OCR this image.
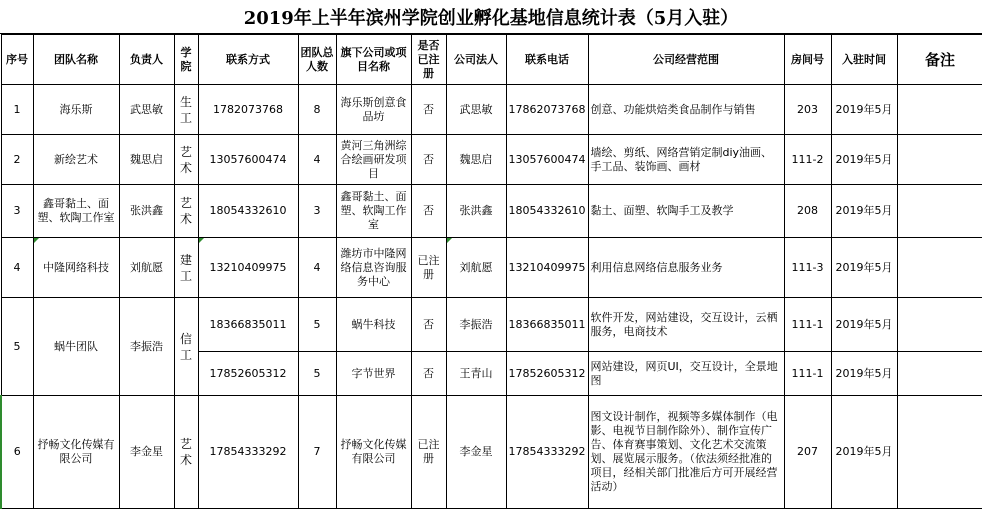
2019年上半年滨州学院创业孵化基地信息统计表（5月入驻）
序号	团队名称	负责人	学院	联系方式	团队总人数	旗下公司或项目名称	是否已注册	公司法人	联系电话	公司经营范围	房间号	入驻时间	备注
1	海乐斯	武思敏	生工	1782073768	8	海乐斯创意食品坊	否	武思敏	17862073768	创意、功能烘焙类食品制作与销售	203	2019年5月	
2	新绘艺术	魏思启	艺术	13057600474	4	黄河三角洲综合绘画研发项目	否	魏思启	13057600474	墙绘、剪纸、网络营销定制diy油画、手工品、装饰画、画材	111-2	2019年5月	
3	鑫哥黏土、面塑、软陶工作室	张洪鑫	艺术	18054332610	3	鑫哥黏土、面塑、软陶工作室	否	张洪鑫	18054332610	黏土、面塑、软陶手工及教学	208	2019年5月	
4	中隆网络科技	刘航愿	建工	13210409975	4	潍坊市中隆网络信息咨询服务中心	已注册	刘航愿	13210409975	利用信息网络信息服务业务	111-3	2019年5月	
5	蜗牛团队	李振浩	信工	18366835011	5	蜗牛科技	否	李振浩	18366835011	软件开发，网站建设，交互设计，云栖服务，电商技术	111-1	2019年5月	
				17852605312	5	字节世界	否	王青山	17852605312	网站建设，网页UI，交互设计，全景地图	111-1	2019年5月	
6	抒畅文化传媒有限公司	李金星	艺术	17854333292	7	抒畅文化传媒有限公司	已注册	李金星	17854333292	图文设计制作，视频等多媒体制作（电影、电视节目制作除外）、制作宣传广告、体育赛事策划、文化艺术交流策划、展览展示服务。（依法须经批准的项目，经相关部门批准后方可开展经营活动）	207	2019年5月	
